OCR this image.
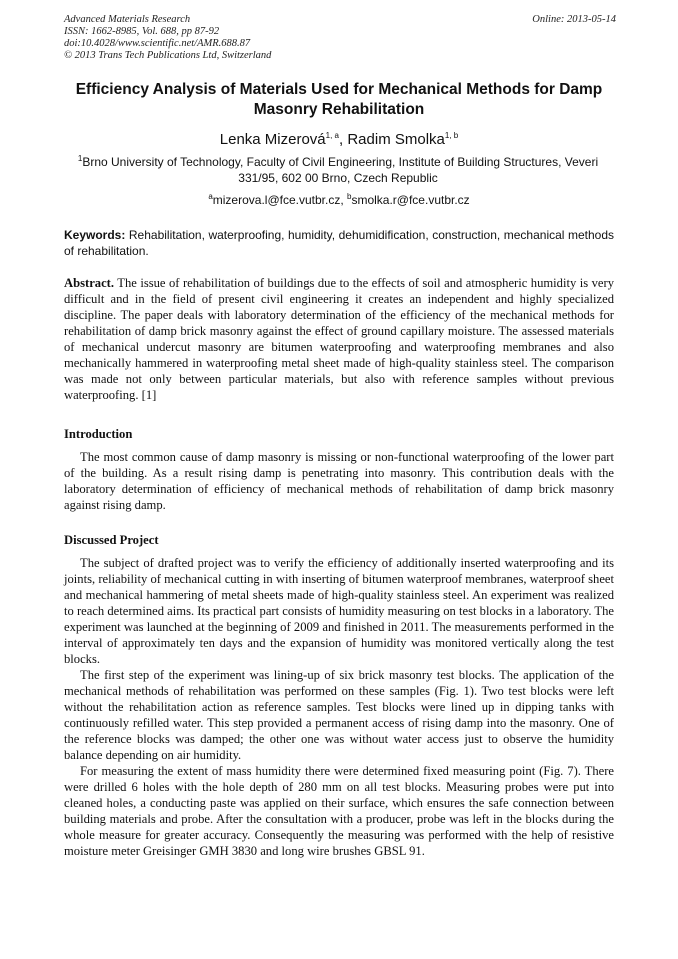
Advanced Materials Research
ISSN: 1662-8985, Vol. 688, pp 87-92
doi:10.4028/www.scientific.net/AMR.688.87
© 2013 Trans Tech Publications Ltd, Switzerland
Online: 2013-05-14
Efficiency Analysis of Materials Used for Mechanical Methods for Damp Masonry Rehabilitation
Lenka Mizerová$^{1, a}$, Radim Smolka$^{1, b}$
$^1$Brno University of Technology, Faculty of Civil Engineering, Institute of Building Structures, Veveri 331/95, 602 00 Brno, Czech Republic
$^a$mizerova.l@fce.vutbr.cz, $^b$smolka.r@fce.vutbr.cz
Keywords: Rehabilitation, waterproofing, humidity, dehumidification, construction, mechanical methods of rehabilitation.
Abstract. The issue of rehabilitation of buildings due to the effects of soil and atmospheric humidity is very difficult and in the field of present civil engineering it creates an independent and highly specialized discipline. The paper deals with laboratory determination of the efficiency of the mechanical methods for rehabilitation of damp brick masonry against the effect of ground capillary moisture. The assessed materials of mechanical undercut masonry are bitumen waterproofing and waterproofing membranes and also mechanically hammered in waterproofing metal sheet made of high-quality stainless steel. The comparison was made not only between particular materials, but also with reference samples without previous waterproofing. [1]
Introduction

The most common cause of damp masonry is missing or non-functional waterproofing of the lower part of the building. As a result rising damp is penetrating into masonry. This contribution deals with the laboratory determination of efficiency of mechanical methods of rehabilitation of damp brick masonry against rising damp.

Discussed Project

The subject of drafted project was to verify the efficiency of additionally inserted waterproofing and its joints, reliability of mechanical cutting in with inserting of bitumen waterproof membranes, waterproof sheet and mechanical hammering of metal sheets made of high-quality stainless steel. An experiment was realized to reach determined aims. Its practical part consists of humidity measuring on test blocks in a laboratory. The experiment was launched at the beginning of 2009 and finished in 2011. The measurements performed in the interval of approximately ten days and the expansion of humidity was monitored vertically along the test blocks.

The first step of the experiment was lining-up of six brick masonry test blocks. The application of the mechanical methods of rehabilitation was performed on these samples (Fig. 1). Two test blocks were left without the rehabilitation action as reference samples. Test blocks were lined up in dipping tanks with continuously refilled water. This step provided a permanent access of rising damp into the masonry. One of the reference blocks was damped; the other one was without water access just to observe the humidity balance depending on air humidity.

For measuring the extent of mass humidity there were determined fixed measuring point (Fig. 7). There were drilled 6 holes with the hole depth of 280 mm on all test blocks. Measuring probes were put into cleaned holes, a conducting paste was applied on their surface, which ensures the safe connection between building materials and probe. After the consultation with a producer, probe was left in the blocks during the whole measure for greater accuracy. Consequently the measuring was performed with the help of resistive moisture meter Greisinger GMH 3830 and long wire brushes GBSL 91.
